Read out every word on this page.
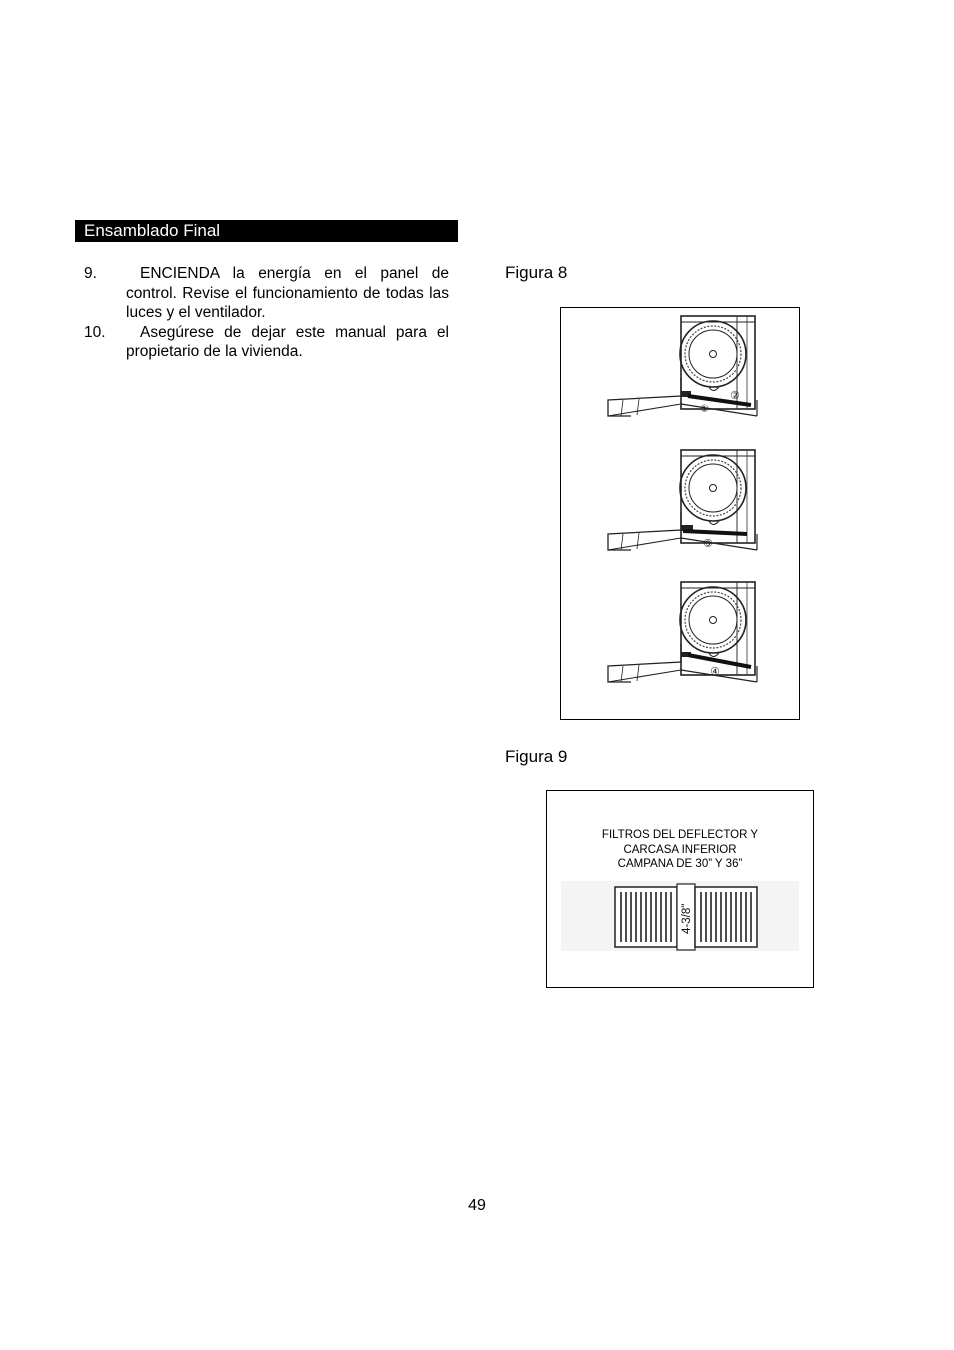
Ensamblado Final

9.	ENCIENDA la energía en el panel de control. Revise el funcionamiento de todas las luces y el ventilador.

10.	Asegúrese de dejar este manual para el propietario de la vivienda.

Figura 8
①
②
③
④
Figura 9
FILTROS DEL DEFLECTOR Y
CARCASA INFERIOR
CAMPANA DE 30” Y 36”
4-3/8"
49
